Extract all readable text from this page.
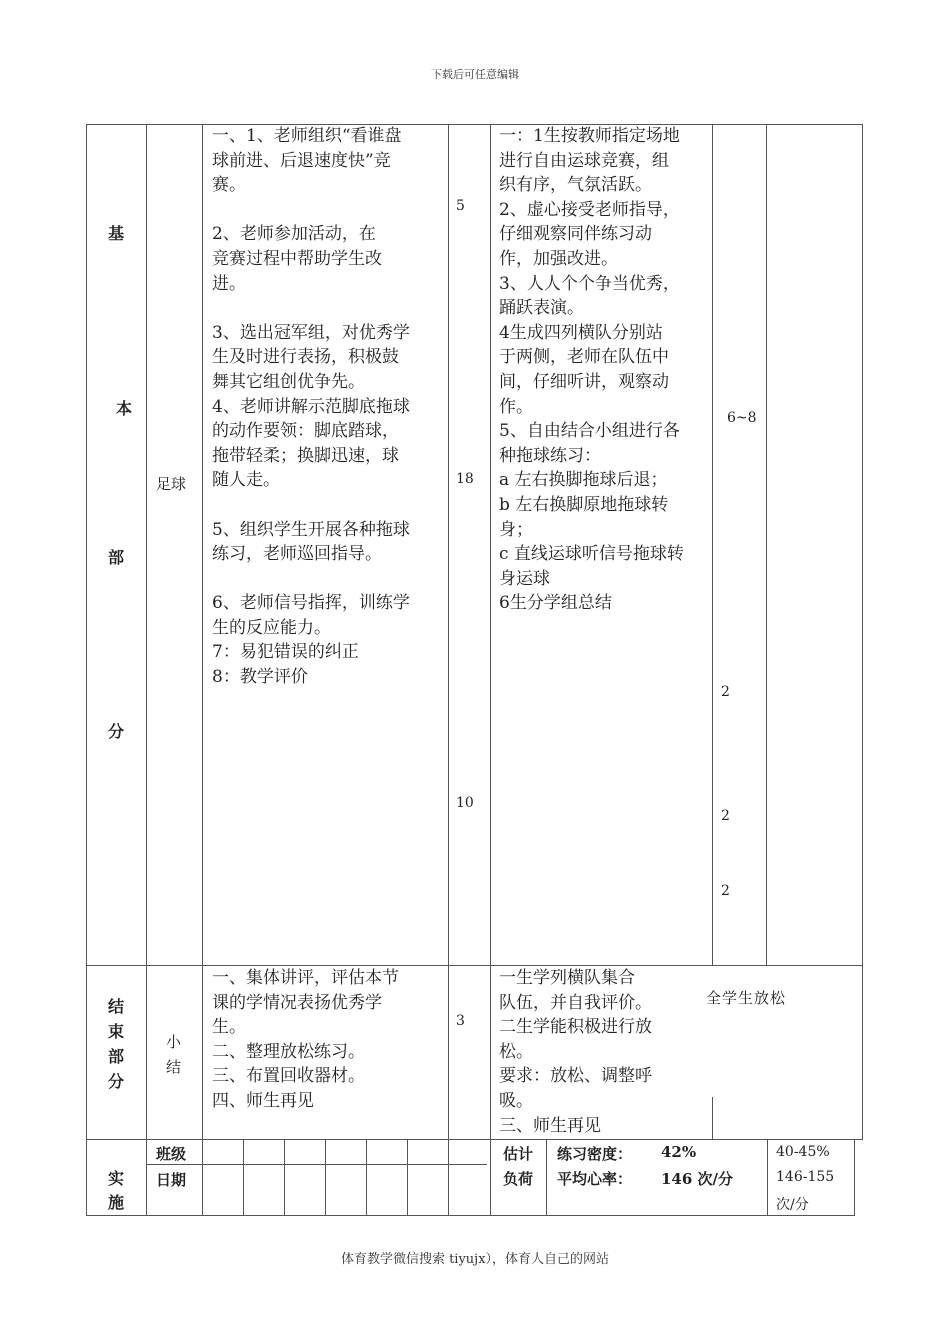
下载后可任意编辑
基
本
部
分
足球
一、1、老师组织“看谁盘
球前进、后退速度快”竞
赛。
2、老师参加活动，在
竞赛过程中帮助学生改
进。
3、选出冠军组，对优秀学
生及时进行表扬，积极鼓
舞其它组创优争先。
4、老师讲解示范脚底拖球
的动作要领：脚底踏球，
拖带轻柔；换脚迅速，球
随人走。
5、组织学生开展各种拖球
练习，老师巡回指导。
6、老师信号指挥，训练学
生的反应能力。
7：易犯错误的纠正
8：教学评价
5
18
10
一：1生按教师指定场地
进行自由运球竞赛，组
织有序，气氛活跃。
2、虚心接受老师指导，
仔细观察同伴练习动
作，加强改进。
3、人人个个争当优秀，
踊跃表演。
4生成四列横队分别站
于两侧，老师在队伍中
间，仔细听讲，观察动
作。
5、自由结合小组进行各
种拖球练习：
a 左右换脚拖球后退；
b 左右换脚原地拖球转
身；
c 直线运球听信号拖球转
身运球
6生分学组总结
6~8
2
2
2
结
束
部
分
小
结
一、集体讲评，评估本节
课的学情况表扬优秀学
生。
二、整理放松练习。
三、布置回收器材。
四、师生再见
3
一生学列横队集合
队伍，并自我评价。
二生学能积极进行放
松。
要求：放松、调整呼
吸。
三、师生再见
全学生放松
实
施
班级
日期
估计
负荷
练习密度： 42%
平均心率： 146 次/分
40-45%
146-155
次/分
体育教学微信搜索 tiyujx），体育人自己的网站
